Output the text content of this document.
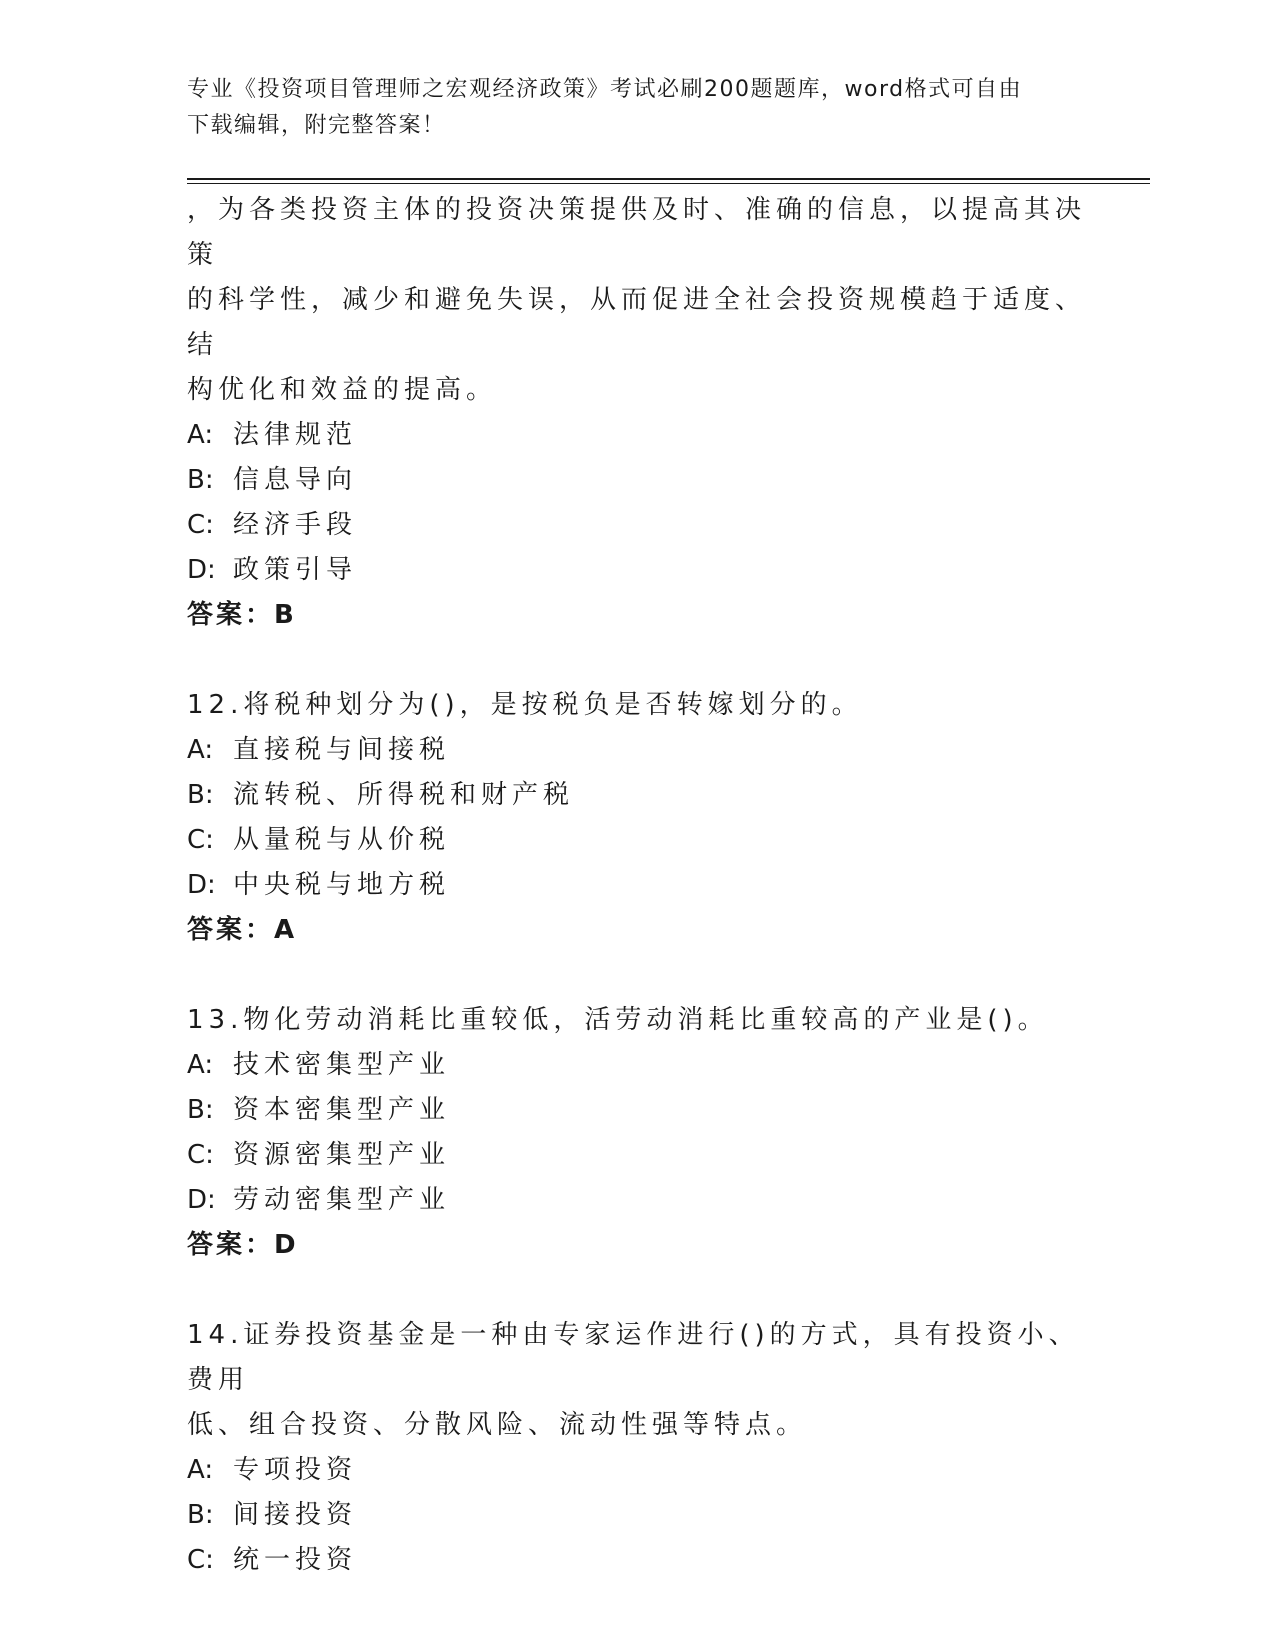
专业《投资项目管理师之宏观经济政策》考试必刷200题题库，word格式可自由
下载编辑，附完整答案！

，为各类投资主体的投资决策提供及时、准确的信息，以提高其决策

的科学性，减少和避免失误，从而促进全社会投资规模趋于适度、结

构优化和效益的提高。

A: 法律规范

B: 信息导向

C: 经济手段

D: 政策引导

答案：B

12.将税种划分为()，是按税负是否转嫁划分的。

A: 直接税与间接税

B: 流转税、所得税和财产税

C: 从量税与从价税

D: 中央税与地方税

答案：A

13.物化劳动消耗比重较低，活劳动消耗比重较高的产业是()。

A: 技术密集型产业

B: 资本密集型产业

C: 资源密集型产业

D: 劳动密集型产业

答案：D

14.证券投资基金是一种由专家运作进行()的方式，具有投资小、费用

低、组合投资、分散风险、流动性强等特点。

A: 专项投资

B: 间接投资

C: 统一投资
